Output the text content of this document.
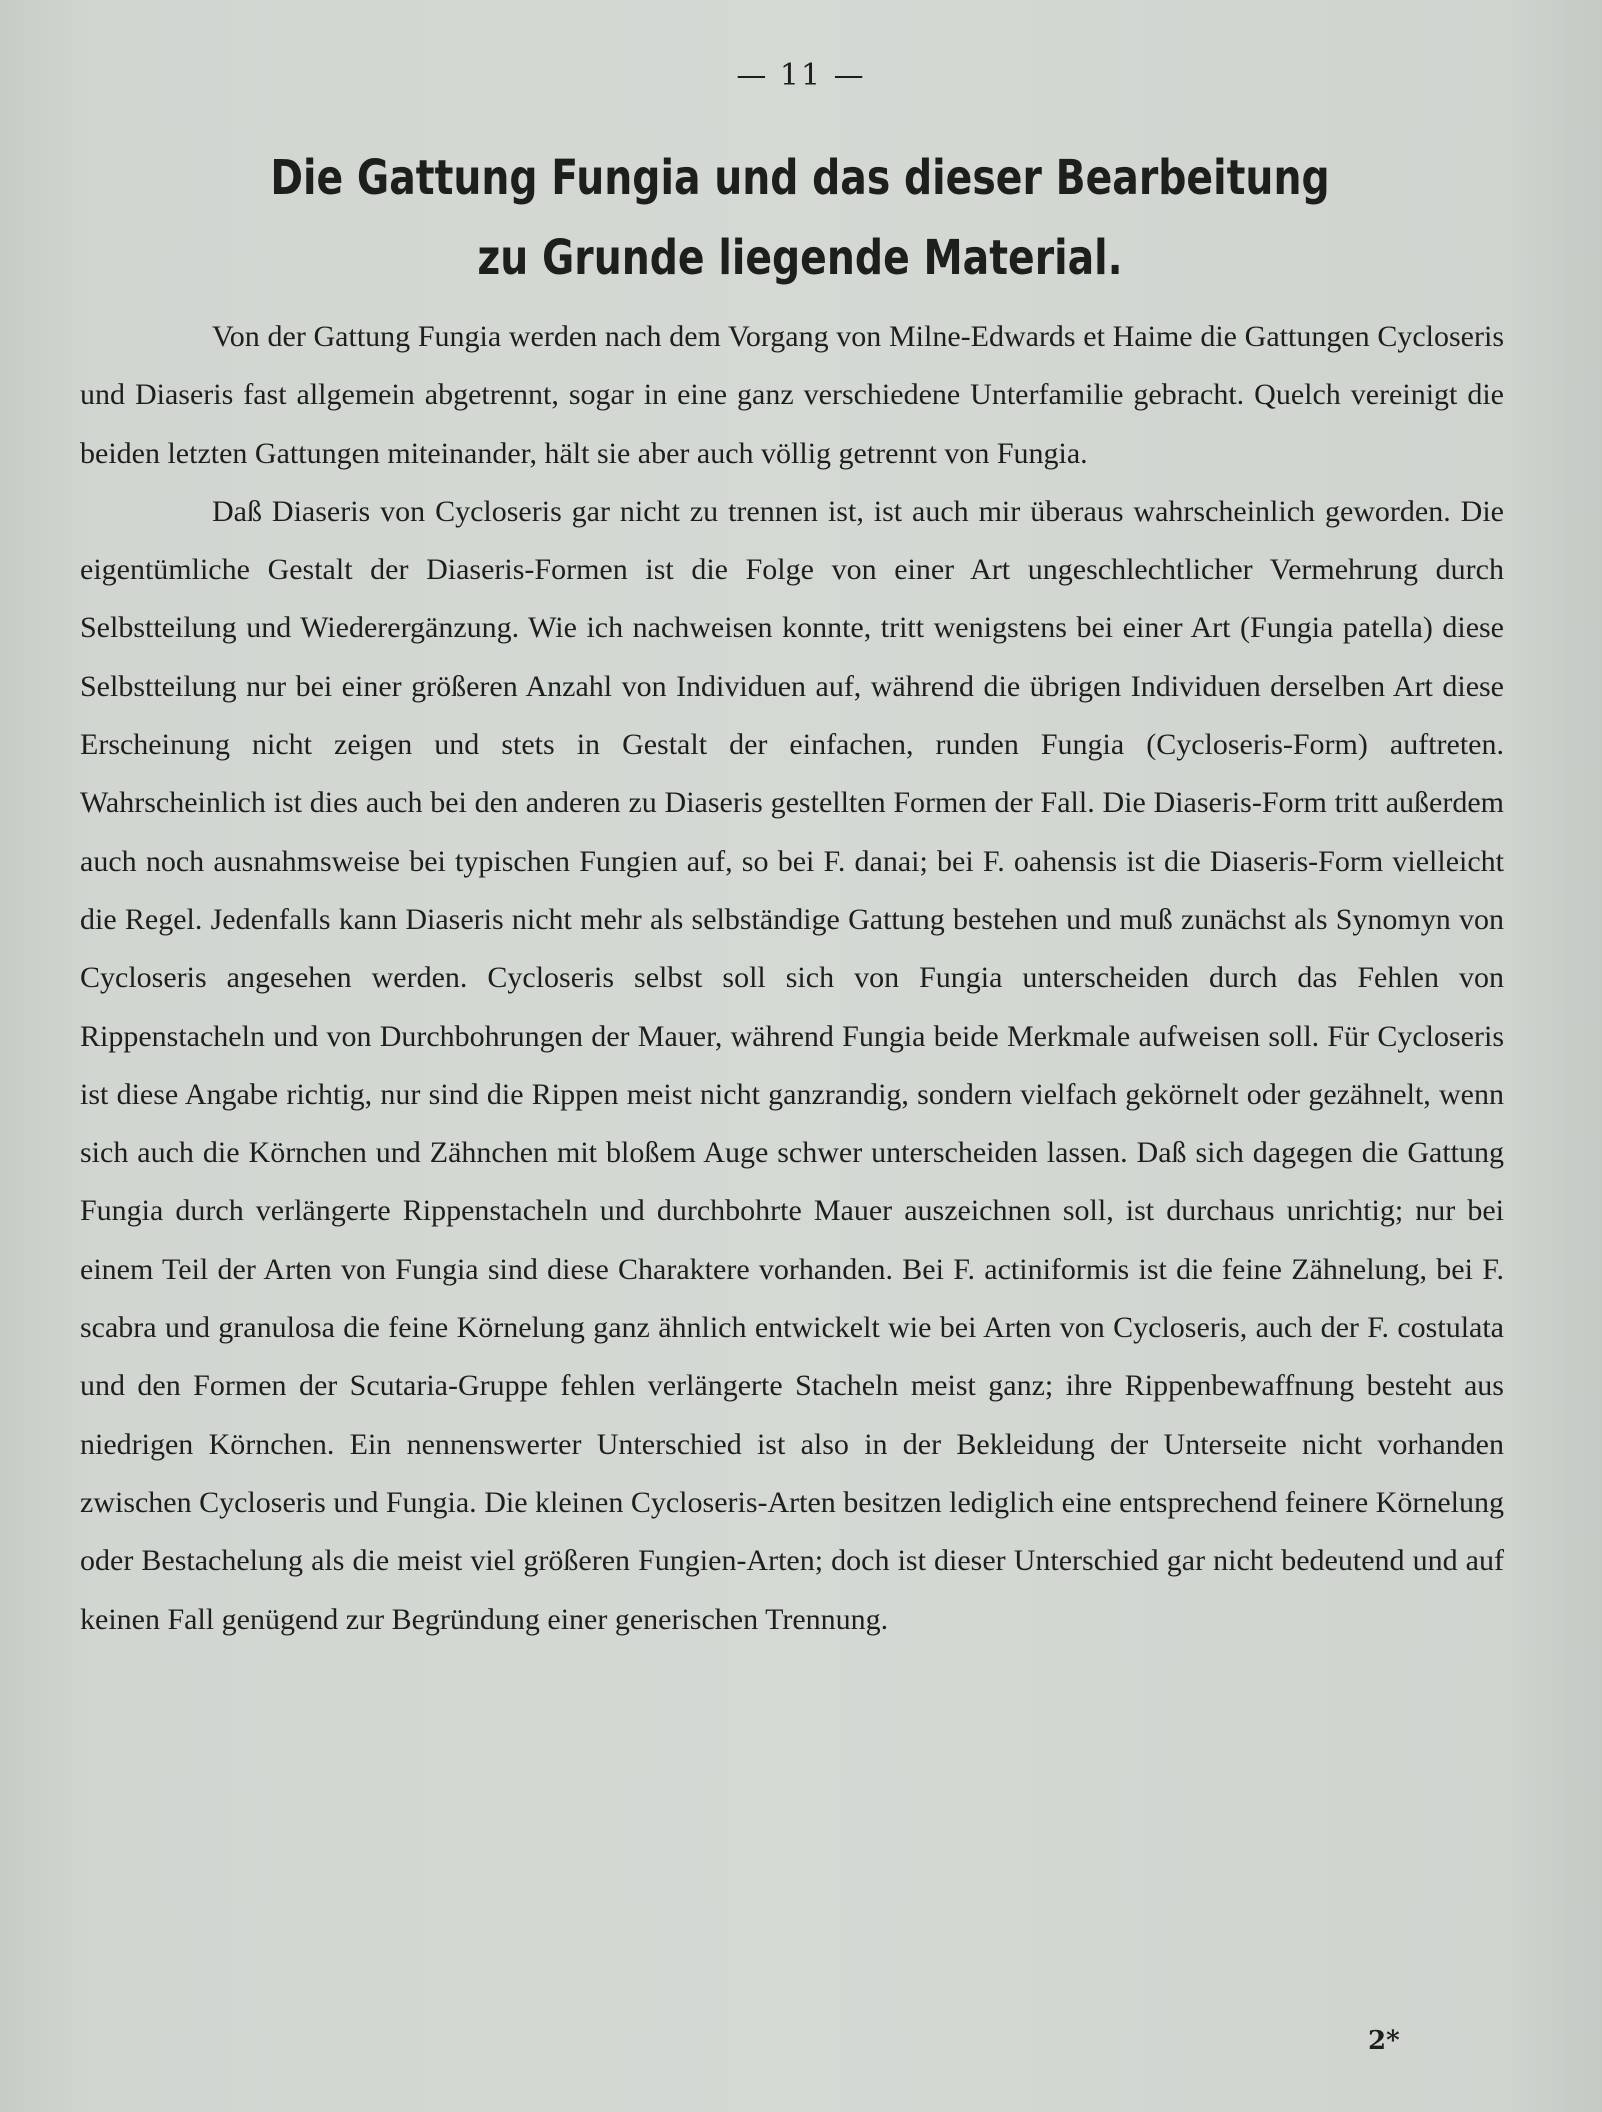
— 11 —
Die Gattung Fungia und das dieser Bearbeitung
zu Grunde liegende Material.

Von der Gattung Fungia werden nach dem Vorgang von Milne-Edwards et Haime die Gattungen Cycloseris und Diaseris fast allgemein abgetrennt, sogar in eine ganz verschiedene Unterfamilie gebracht. Quelch vereinigt die beiden letzten Gattungen miteinander, hält sie aber auch völlig getrennt von Fungia.

Daß Diaseris von Cycloseris gar nicht zu trennen ist, ist auch mir überaus wahrscheinlich geworden. Die eigentümliche Gestalt der Diaseris-Formen ist die Folge von einer Art ungeschlechtlicher Vermehrung durch Selbstteilung und Wiederergänzung. Wie ich nachweisen konnte, tritt wenigstens bei einer Art (Fungia patella) diese Selbstteilung nur bei einer größeren Anzahl von Individuen auf, während die übrigen Individuen derselben Art diese Erscheinung nicht zeigen und stets in Gestalt der einfachen, runden Fungia (Cycloseris-Form) auftreten. Wahrscheinlich ist dies auch bei den anderen zu Diaseris gestellten Formen der Fall. Die Diaseris-Form tritt außerdem auch noch ausnahmsweise bei typischen Fungien auf, so bei F. danai; bei F. oahensis ist die Diaseris-Form vielleicht die Regel. Jedenfalls kann Diaseris nicht mehr als selbständige Gattung bestehen und muß zunächst als Synomyn von Cycloseris angesehen werden. Cycloseris selbst soll sich von Fungia unterscheiden durch das Fehlen von Rippenstacheln und von Durchbohrungen der Mauer, während Fungia beide Merkmale aufweisen soll. Für Cycloseris ist diese Angabe richtig, nur sind die Rippen meist nicht ganzrandig, sondern vielfach gekörnelt oder gezähnelt, wenn sich auch die Körnchen und Zähnchen mit bloßem Auge schwer unterscheiden lassen. Daß sich dagegen die Gattung Fungia durch verlängerte Rippenstacheln und durchbohrte Mauer auszeichnen soll, ist durchaus unrichtig; nur bei einem Teil der Arten von Fungia sind diese Charaktere vorhanden. Bei F. actiniformis ist die feine Zähnelung, bei F. scabra und granulosa die feine Körnelung ganz ähnlich entwickelt wie bei Arten von Cycloseris, auch der F. costulata und den Formen der Scutaria-Gruppe fehlen verlängerte Stacheln meist ganz; ihre Rippenbewaffnung besteht aus niedrigen Körnchen. Ein nennenswerter Unterschied ist also in der Bekleidung der Unterseite nicht vorhanden zwischen Cycloseris und Fungia. Die kleinen Cycloseris-Arten besitzen lediglich eine entsprechend feinere Körnelung oder Bestachelung als die meist viel größeren Fungien-Arten; doch ist dieser Unterschied gar nicht bedeutend und auf keinen Fall genügend zur Begründung einer generischen Trennung.

2*
